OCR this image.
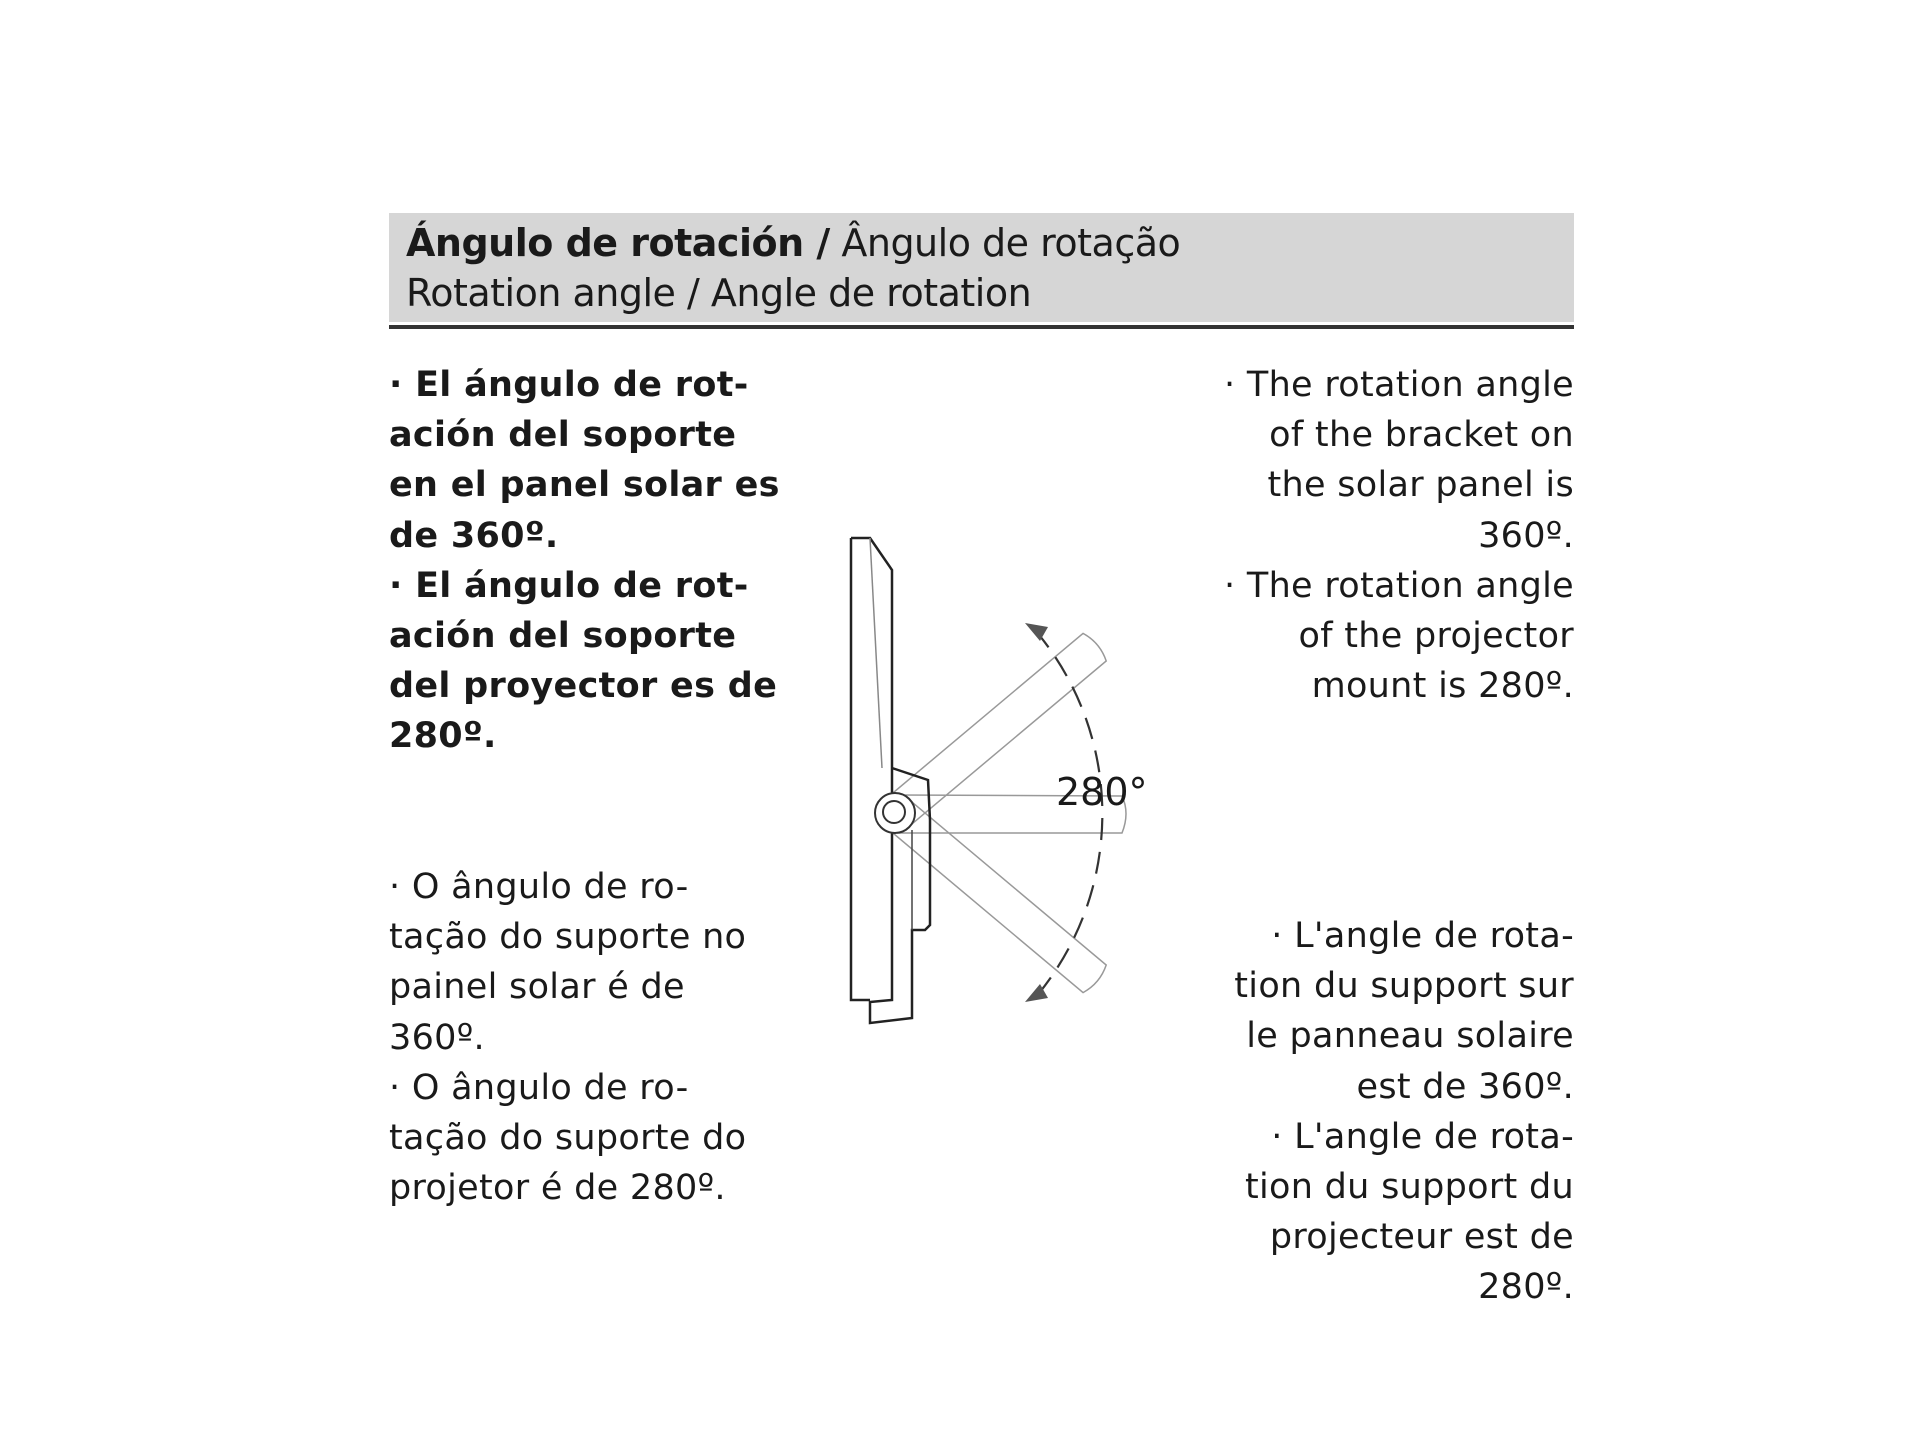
Ángulo de rotación / Ângulo de rotação
Rotation angle / Angle de rotation
· El ángulo de rot-
ación del soporte
en el panel solar es
de 360º.
· El ángulo de rot-
ación del soporte
del proyector es de
280º.
· O ângulo de ro-
tação do suporte no
painel solar é de
360º.
· O ângulo de ro-
tação do suporte do
projetor é de 280º.
· The rotation angle
of the bracket on
the solar panel is
360º.
· The rotation angle
of the projector
mount is 280º.
· L'angle de rota-
tion du support sur
le panneau solaire
est de 360º.
· L'angle de rota-
tion du support du
projecteur est de
280º.
280°
